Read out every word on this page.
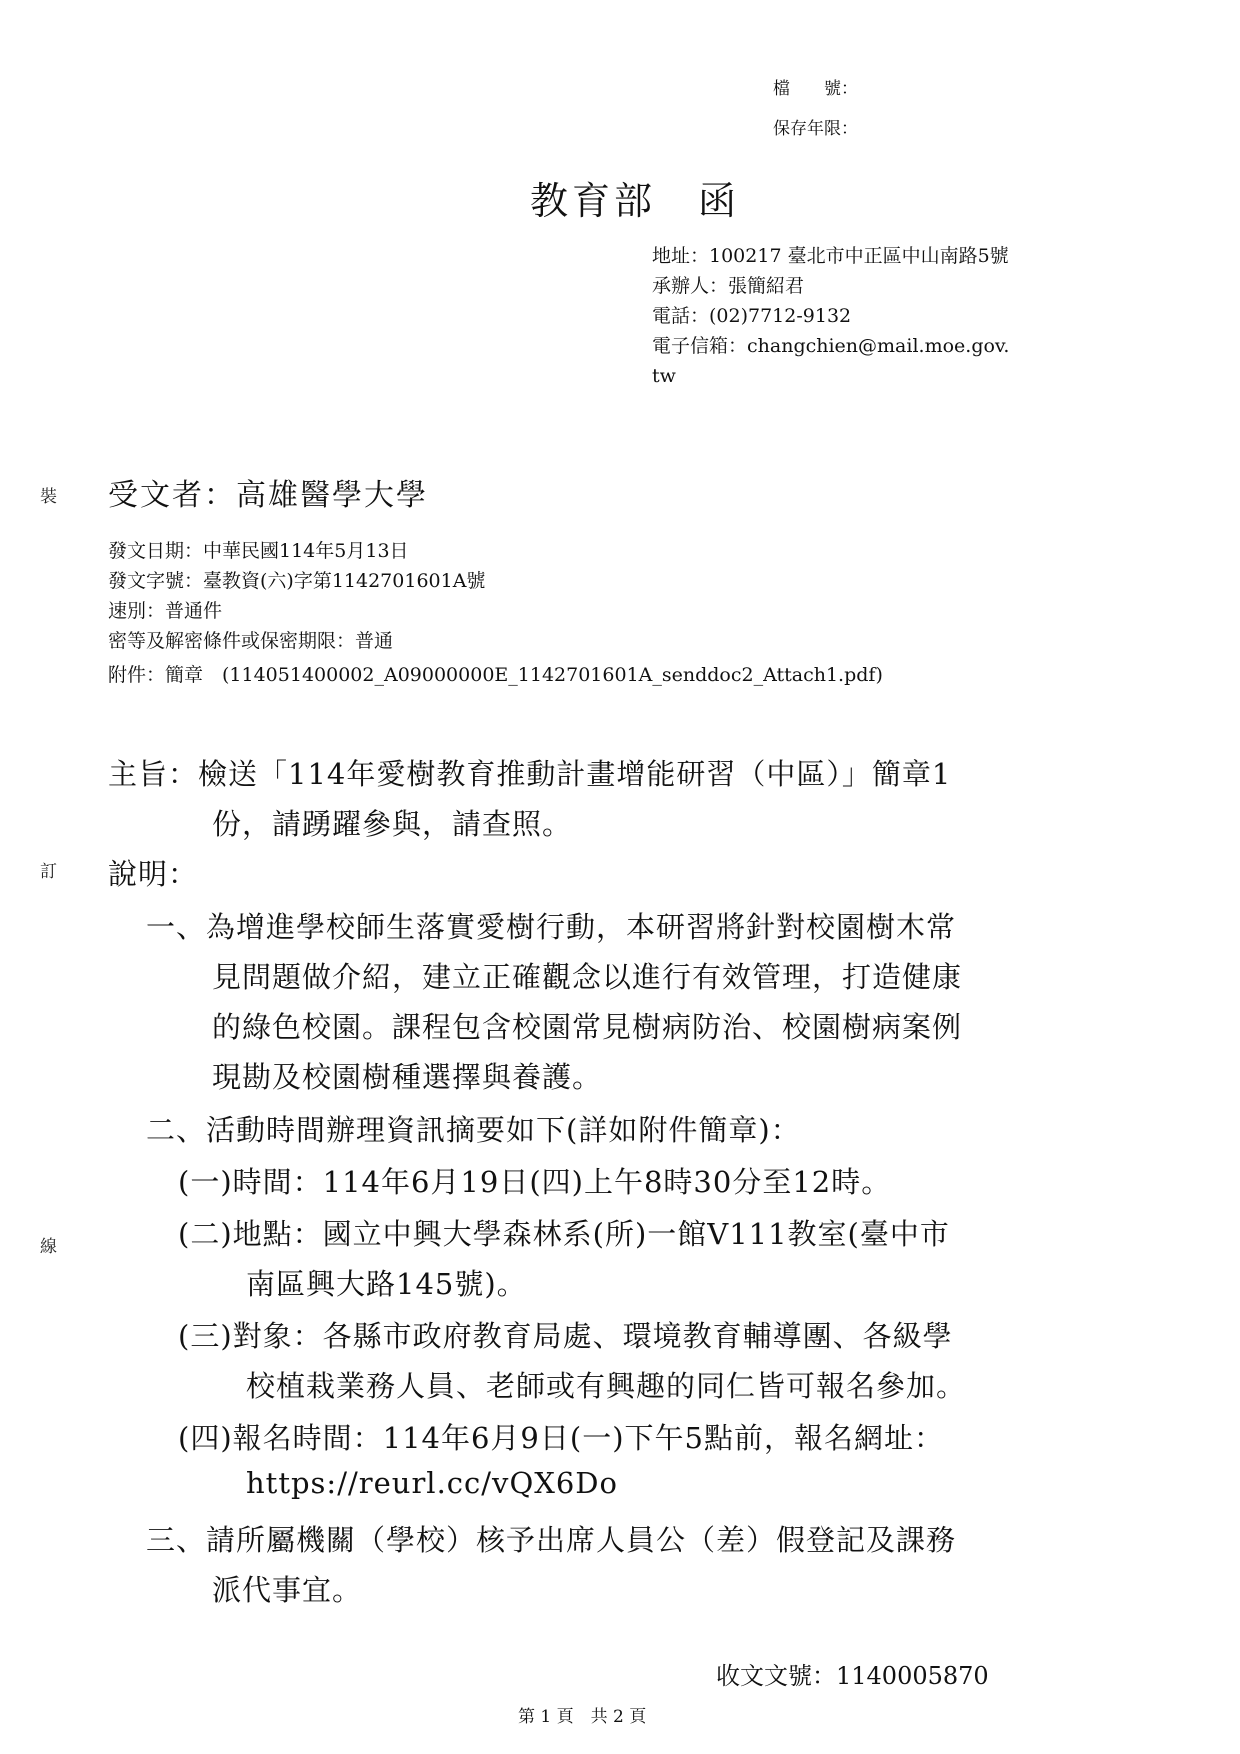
檔　　號：
保存年限：
教育部　函
地址：100217 臺北市中正區中山南路5號
承辦人：張簡紹君
電話：(02)7712-9132
電子信箱：changchien@mail.moe.gov.
tw
裝
訂
線
受文者：高雄醫學大學
發文日期：中華民國114年5月13日
發文字號：臺教資(六)字第1142701601A號
速別：普通件
密等及解密條件或保密期限：普通
附件：簡章　(114051400002_A09000000E_1142701601A_senddoc2_Attach1.pdf)
主旨：檢送「114年愛樹教育推動計畫增能研習（中區）」簡章1
份，請踴躍參與，請查照。
說明：
一、為增進學校師生落實愛樹行動，本研習將針對校園樹木常
見問題做介紹，建立正確觀念以進行有效管理，打造健康
的綠色校園。課程包含校園常見樹病防治、校園樹病案例
現勘及校園樹種選擇與養護。
二、活動時間辦理資訊摘要如下(詳如附件簡章)：
(一)時間：114年6月19日(四)上午8時30分至12時。
(二)地點：國立中興大學森林系(所)一館V111教室(臺中市
南區興大路145號)。
(三)對象：各縣市政府教育局處、環境教育輔導團、各級學
校植栽業務人員、老師或有興趣的同仁皆可報名參加。
(四)報名時間：114年6月9日(一)下午5點前，報名網址：
https://reurl.cc/vQX6Do
三、請所屬機關（學校）核予出席人員公（差）假登記及課務
派代事宜。
收文文號：1140005870
第 1 頁　共 2 頁
